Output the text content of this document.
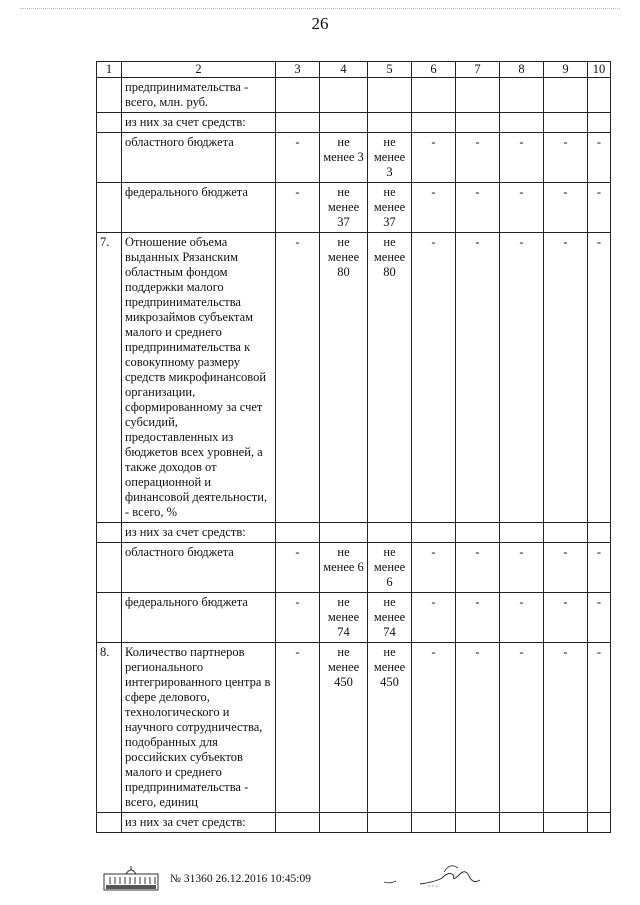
26
1	2	3	4	5	6	7	8	9	10
	предпринимательства - всего, млн. руб.								
	из них за счет средств:								
	областного бюджета	-	не менее 3	не менее 3	-	-	-	-	-
	федерального бюджета	-	не менее 37	не менее 37	-	-	-	-	-
7.	Отношение объема выданных Рязанским областным фондом поддержки малого предпринимательства микрозаймов субъектам малого и среднего предпринимательства к совокупному размеру средств микрофинансовой организации, сформированному за счет субсидий, предоставленных из бюджетов всех уровней, а также доходов от операционной и финансовой деятельности, - всего, %	-	не менее 80	не менее 80	-	-	-	-	-
	из них за счет средств:								
	областного бюджета	-	не менее 6	не менее 6	-	-	-	-	-
	федерального бюджета	-	не менее 74	не менее 74	-	-	-	-	-
8.	Количество партнеров регионального интегрированного центра в сфере делового, технологического и научного сотрудничества, подобранных для российских субъектов малого и среднего предпринимательства - всего, единиц	-	не менее 450	не менее 450	-	-	-	-	-
	из них за счет средств:								
№ 31360 26.12.2016 10:45:09
